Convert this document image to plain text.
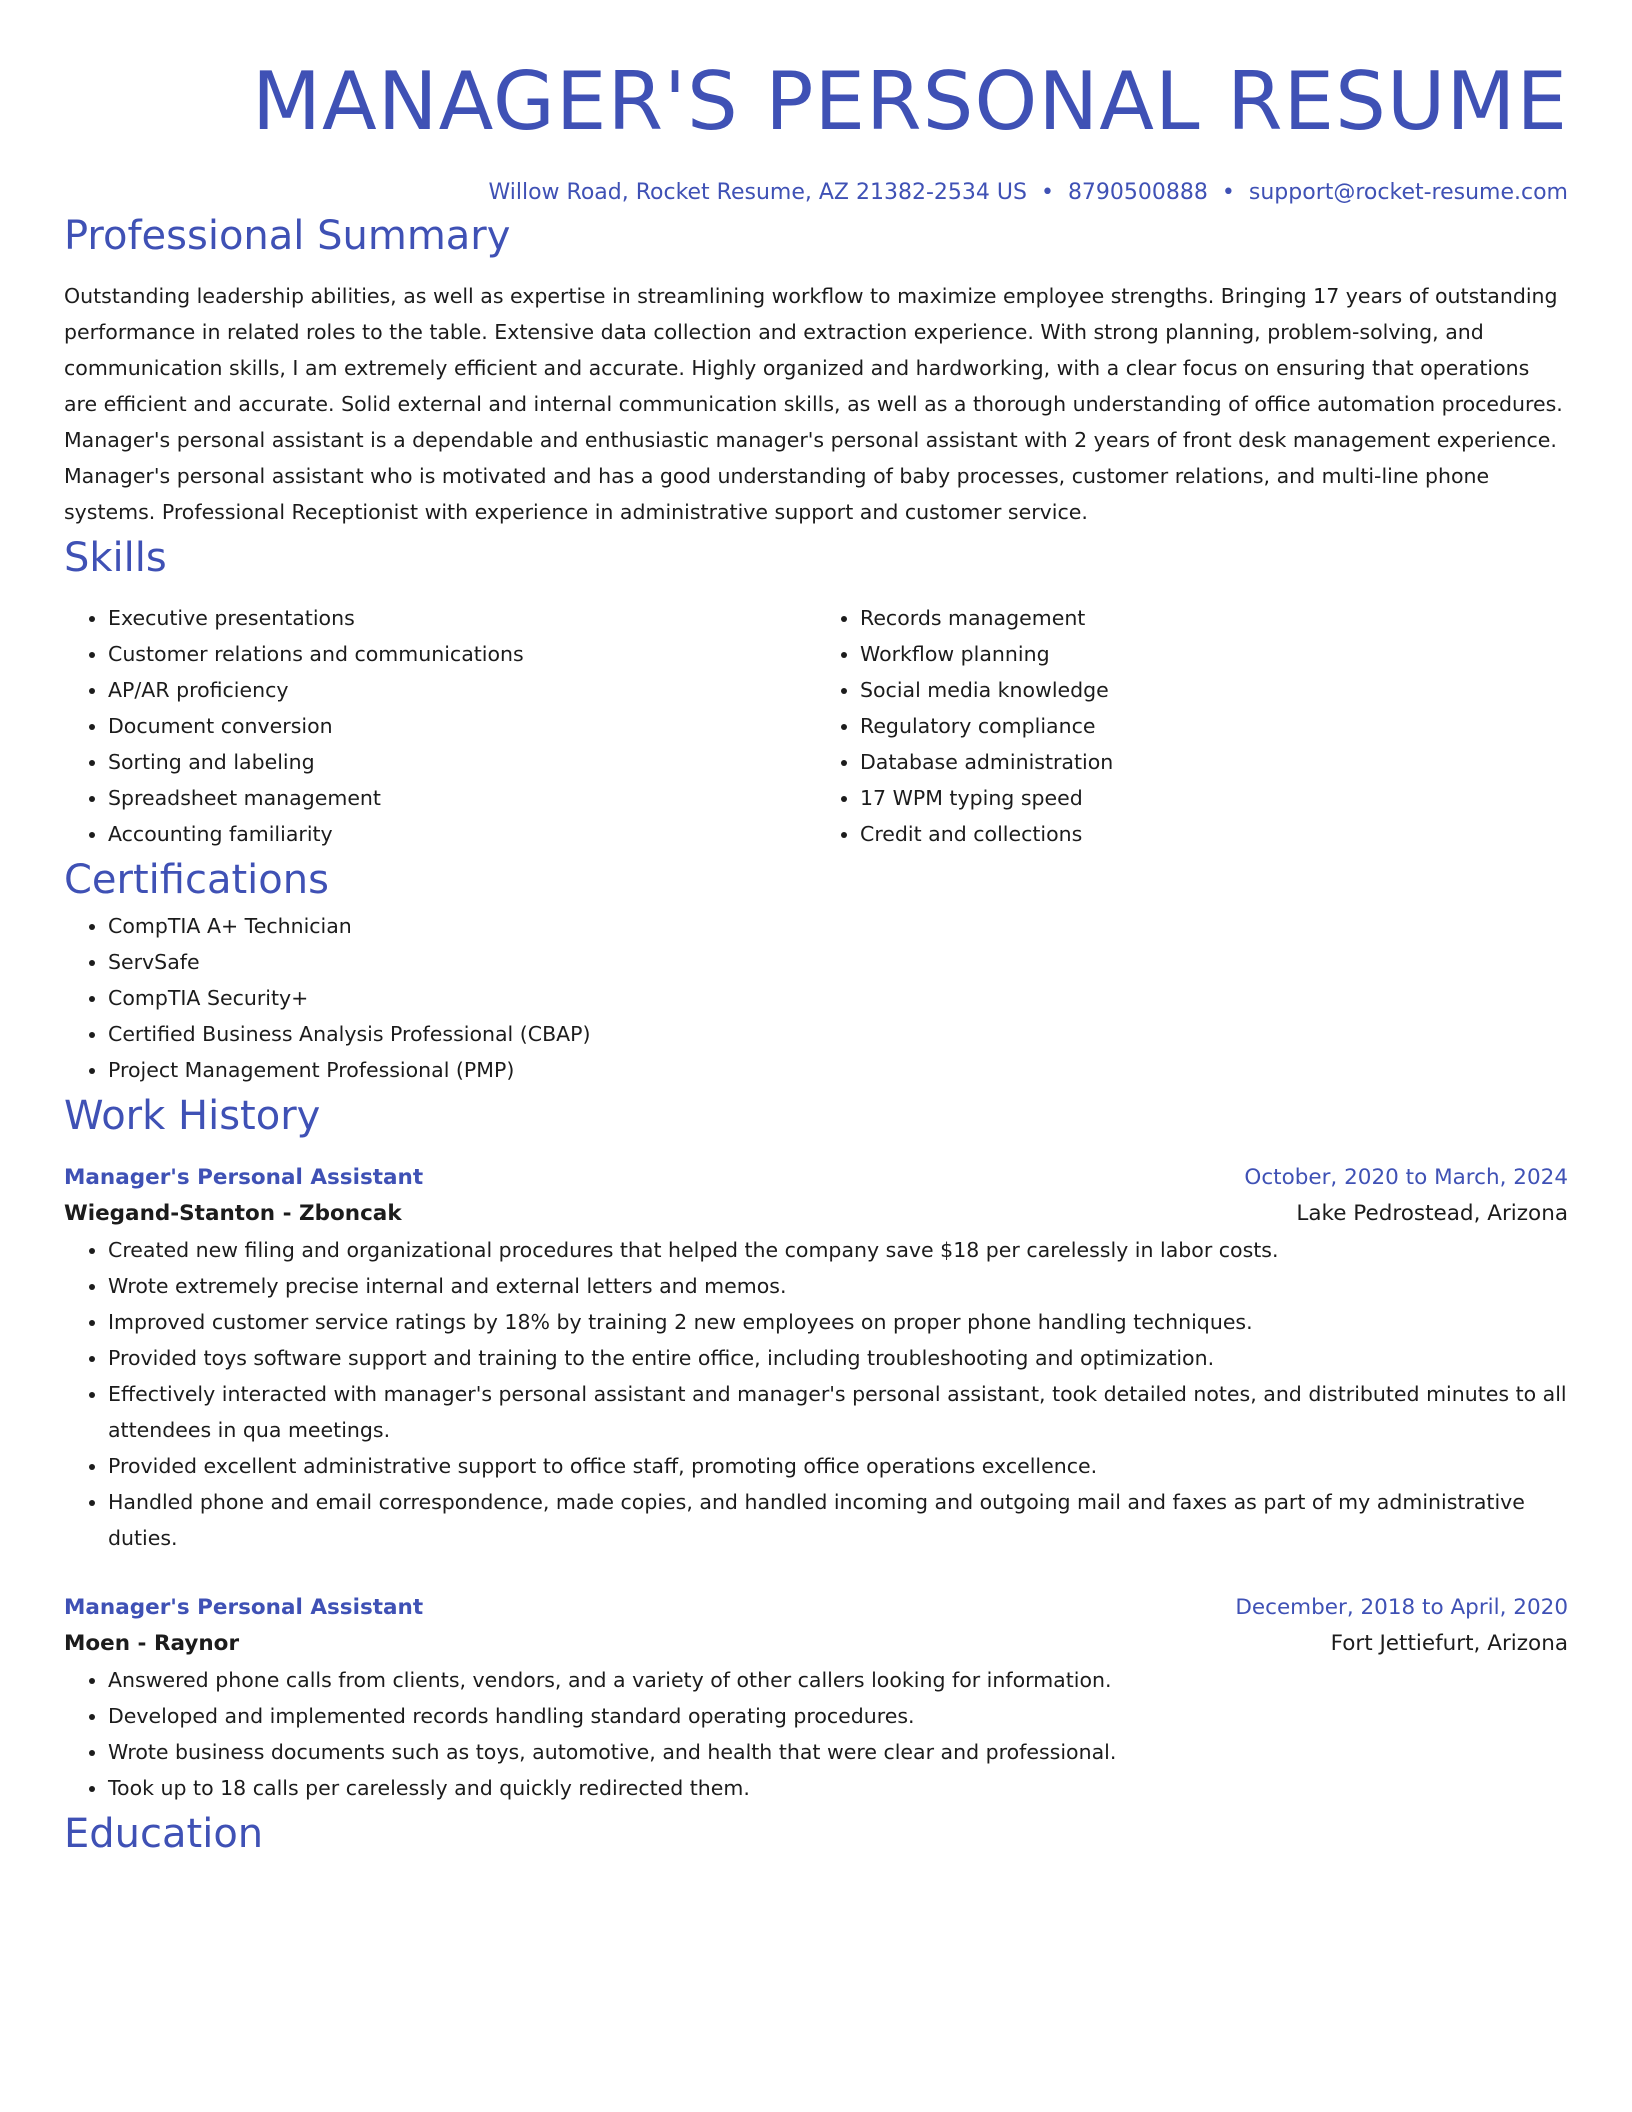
MANAGER'S PERSONAL RESUME
Willow Road, Rocket Resume, AZ 21382-2534 US • 8790500888 • support@rocket-resume.com
Professional Summary
Outstanding leadership abilities, as well as expertise in streamlining workflow to maximize employee strengths. Bringing 17 years of outstanding performance in related roles to the table. Extensive data collection and extraction experience. With strong planning, problem-solving, and communication skills, I am extremely efficient and accurate. Highly organized and hardworking, with a clear focus on ensuring that operations are efficient and accurate. Solid external and internal communication skills, as well as a thorough understanding of office automation procedures. Manager's personal assistant is a dependable and enthusiastic manager's personal assistant with 2 years of front desk management experience. Manager's personal assistant who is motivated and has a good understanding of baby processes, customer relations, and multi-line phone systems. Professional Receptionist with experience in administrative support and customer service.
Skills
• Executive presentations
• Customer relations and communications
• AP/AR proficiency
• Document conversion
• Sorting and labeling
• Spreadsheet management
• Accounting familiarity
• Records management
• Workflow planning
• Social media knowledge
• Regulatory compliance
• Database administration
• 17 WPM typing speed
• Credit and collections
Certifications
• CompTIA A+ Technician
• ServSafe
• CompTIA Security+
• Certified Business Analysis Professional (CBAP)
• Project Management Professional (PMP)
Work History
Manager's Personal Assistant	October, 2020 to March, 2024
Wiegand-Stanton - Zboncak	Lake Pedrostead, Arizona
• Created new filing and organizational procedures that helped the company save $18 per carelessly in labor costs.
• Wrote extremely precise internal and external letters and memos.
• Improved customer service ratings by 18% by training 2 new employees on proper phone handling techniques.
• Provided toys software support and training to the entire office, including troubleshooting and optimization.
• Effectively interacted with manager's personal assistant and manager's personal assistant, took detailed notes, and distributed minutes to all attendees in qua meetings.
• Provided excellent administrative support to office staff, promoting office operations excellence.
• Handled phone and email correspondence, made copies, and handled incoming and outgoing mail and faxes as part of my administrative duties.
Manager's Personal Assistant	December, 2018 to April, 2020
Moen - Raynor	Fort Jettiefurt, Arizona
• Answered phone calls from clients, vendors, and a variety of other callers looking for information.
• Developed and implemented records handling standard operating procedures.
• Wrote business documents such as toys, automotive, and health that were clear and professional.
• Took up to 18 calls per carelessly and quickly redirected them.
Education
